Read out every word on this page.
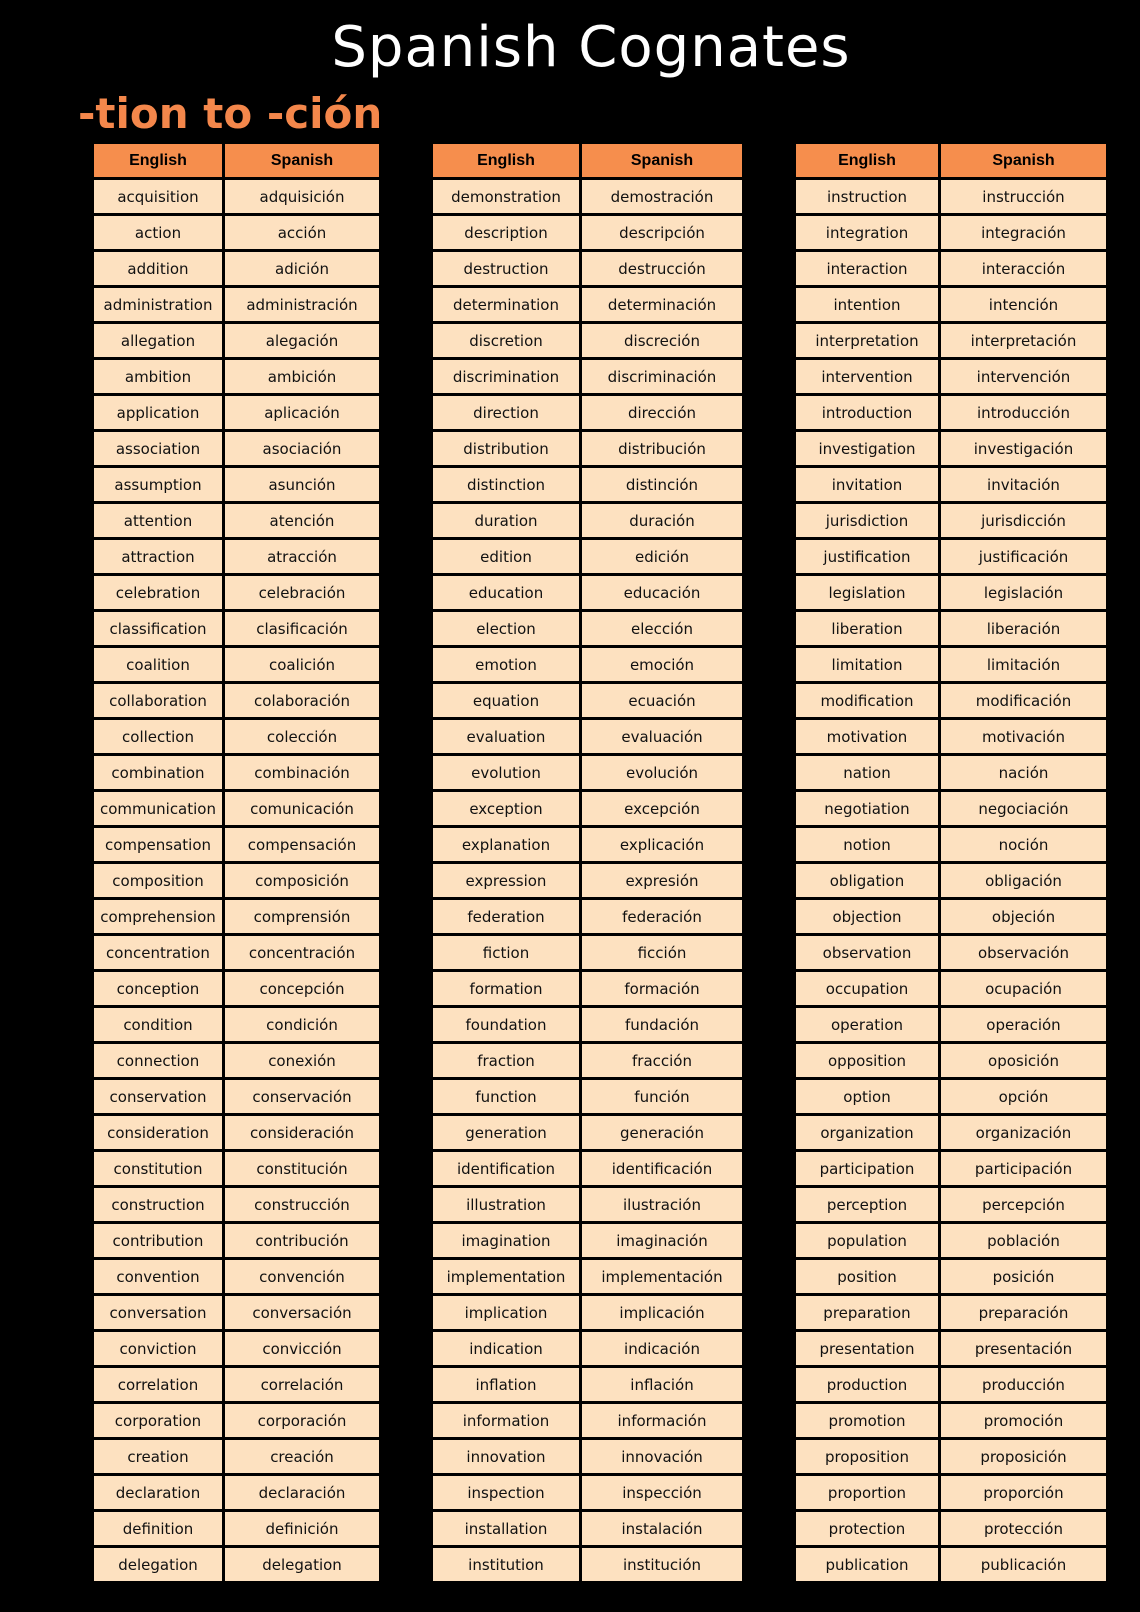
Spanish Cognates
-tion to -ción
English	Spanish
acquisition	adquisición
action	acción
addition	adición
administration	administración
allegation	alegación
ambition	ambición
application	aplicación
association	asociación
assumption	asunción
attention	atención
attraction	atracción
celebration	celebración
classification	clasificación
coalition	coalición
collaboration	colaboración
collection	colección
combination	combinación
communication	comunicación
compensation	compensación
composition	composición
comprehension	comprensión
concentration	concentración
conception	concepción
condition	condición
connection	conexión
conservation	conservación
consideration	consideración
constitution	constitución
construction	construcción
contribution	contribución
convention	convención
conversation	conversación
conviction	convicción
correlation	correlación
corporation	corporación
creation	creación
declaration	declaración
definition	definición
delegation	delegation
English	Spanish
demonstration	demostración
description	descripción
destruction	destrucción
determination	determinación
discretion	discreción
discrimination	discriminación
direction	dirección
distribution	distribución
distinction	distinción
duration	duración
edition	edición
education	educación
election	elección
emotion	emoción
equation	ecuación
evaluation	evaluación
evolution	evolución
exception	excepción
explanation	explicación
expression	expresión
federation	federación
fiction	ficción
formation	formación
foundation	fundación
fraction	fracción
function	función
generation	generación
identification	identificación
illustration	ilustración
imagination	imaginación
implementation	implementación
implication	implicación
indication	indicación
inflation	inflación
information	información
innovation	innovación
inspection	inspección
installation	instalación
institution	institución
English	Spanish
instruction	instrucción
integration	integración
interaction	interacción
intention	intención
interpretation	interpretación
intervention	intervención
introduction	introducción
investigation	investigación
invitation	invitación
jurisdiction	jurisdicción
justification	justificación
legislation	legislación
liberation	liberación
limitation	limitación
modification	modificación
motivation	motivación
nation	nación
negotiation	negociación
notion	noción
obligation	obligación
objection	objeción
observation	observación
occupation	ocupación
operation	operación
opposition	oposición
option	opción
organization	organización
participation	participación
perception	percepción
population	población
position	posición
preparation	preparación
presentation	presentación
production	producción
promotion	promoción
proposition	proposición
proportion	proporción
protection	protección
publication	publicación
